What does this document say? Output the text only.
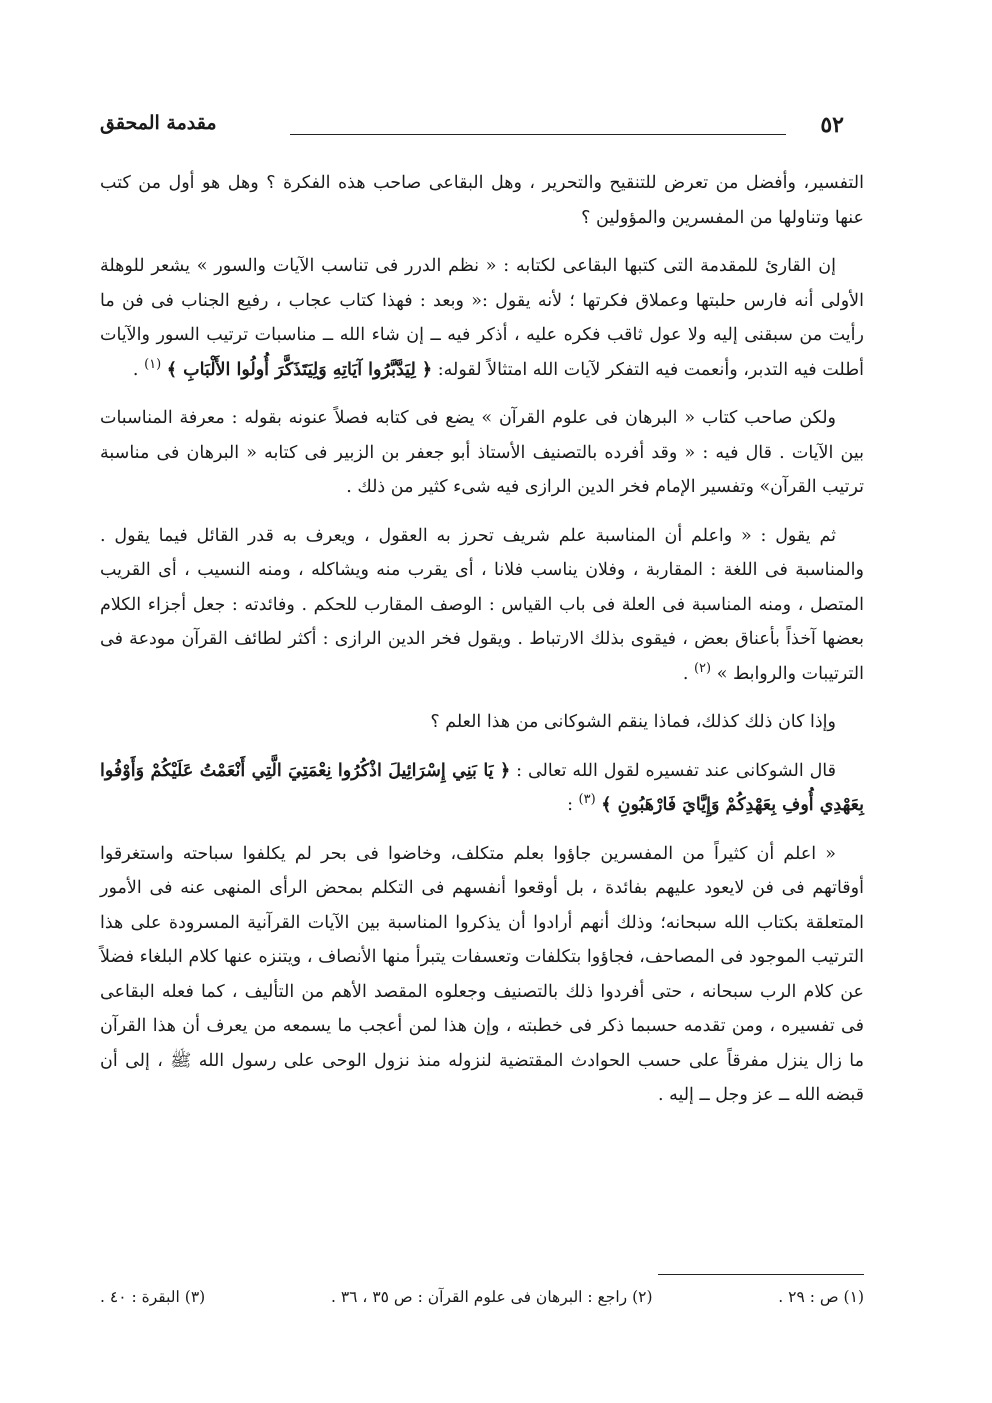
٥٢
مقدمة المحقق

التفسير، وأفضل من تعرض للتنقيح والتحرير ، وهل البقاعى صاحب هذه الفكرة ؟ وهل هو أول من كتب عنها وتناولها من المفسرين والمؤولين ؟

إن القارئ للمقدمة التى كتبها البقاعى لكتابه : « نظم الدرر فى تناسب الآيات والسور » يشعر للوهلة الأولى أنه فارس حلبتها وعملاق فكرتها ؛ لأنه يقول :« وبعد : فهذا كتاب عجاب ، رفيع الجناب فى فن ما رأيت من سبقنى إليه ولا عول ثاقب فكره عليه ، أذكر فيه ــ إن شاء الله ــ مناسبات ترتيب السور والآيات أطلت فيه التدبر، وأنعمت فيه التفكر لآيات الله امتثالاً لقوله: ﴿ لِيَدَّبَّرُوا آيَاتِهِ وَلِيَتَذَكَّرَ أُولُوا الأَلْبَابِ ﴾ $^{(١)}$ .

ولكن صاحب كتاب « البرهان فى علوم القرآن » يضع فى كتابه فصلاً عنونه بقوله : معرفة المناسبات بين الآيات . قال فيه : « وقد أفرده بالتصنيف الأستاذ أبو جعفر بن الزبير فى كتابه « البرهان فى مناسبة ترتيب القرآن» وتفسير الإمام فخر الدين الرازى فيه شىء كثير من ذلك .

ثم يقول : « واعلم أن المناسبة علم شريف تحرز به العقول ، ويعرف به قدر القائل فيما يقول . والمناسبة فى اللغة : المقاربة ، وفلان يناسب فلانا ، أى يقرب منه ويشاكله ، ومنه النسيب ، أى القريب المتصل ، ومنه المناسبة فى العلة فى باب القياس : الوصف المقارب للحكم . وفائدته : جعل أجزاء الكلام بعضها آخذاً بأعناق بعض ، فيقوى بذلك الارتباط . ويقول فخر الدين الرازى : أكثر لطائف القرآن مودعة فى الترتيبات والروابط » $^{(٢)}$ .

وإذا كان ذلك كذلك، فماذا ينقم الشوكانى من هذا العلم ؟

قال الشوكانى عند تفسيره لقول الله تعالى : ﴿ يَا بَنِي إِسْرَائِيلَ اذْكُرُوا نِعْمَتِيَ الَّتِي أَنْعَمْتُ عَلَيْكُمْ وَأَوْفُوا بِعَهْدِي أُوفِ بِعَهْدِكُمْ وَإِيَّايَ فَارْهَبُونِ ﴾ $^{(٣)}$ :

« اعلم أن كثيراً من المفسرين جاؤوا بعلم متكلف، وخاضوا فى بحر لم يكلفوا سباحته واستغرقوا أوقاتهم فى فن لايعود عليهم بفائدة ، بل أوقعوا أنفسهم فى التكلم بمحض الرأى المنهى عنه فى الأمور المتعلقة بكتاب الله سبحانه؛ وذلك أنهم أرادوا أن يذكروا المناسبة بين الآيات القرآنية المسرودة على هذا الترتيب الموجود فى المصاحف، فجاؤوا بتكلفات وتعسفات يتبرأ منها الأنصاف ، ويتنزه عنها كلام البلغاء فضلاً عن كلام الرب سبحانه ، حتى أفردوا ذلك بالتصنيف وجعلوه المقصد الأهم من التأليف ، كما فعله البقاعى فى تفسيره ، ومن تقدمه حسبما ذكر فى خطبته ، وإن هذا لمن أعجب ما يسمعه من يعرف أن هذا القرآن ما زال ينزل مفرقاً على حسب الحوادث المقتضية لنزوله منذ نزول الوحى على رسول الله ﷺ ، إلى أن قبضه الله ــ عز وجل ــ إليه .

(١) ص : ٢٩ .
(٢) راجع : البرهان فى علوم القرآن : ص ٣٥ ، ٣٦ .
(٣) البقرة : ٤٠ .
